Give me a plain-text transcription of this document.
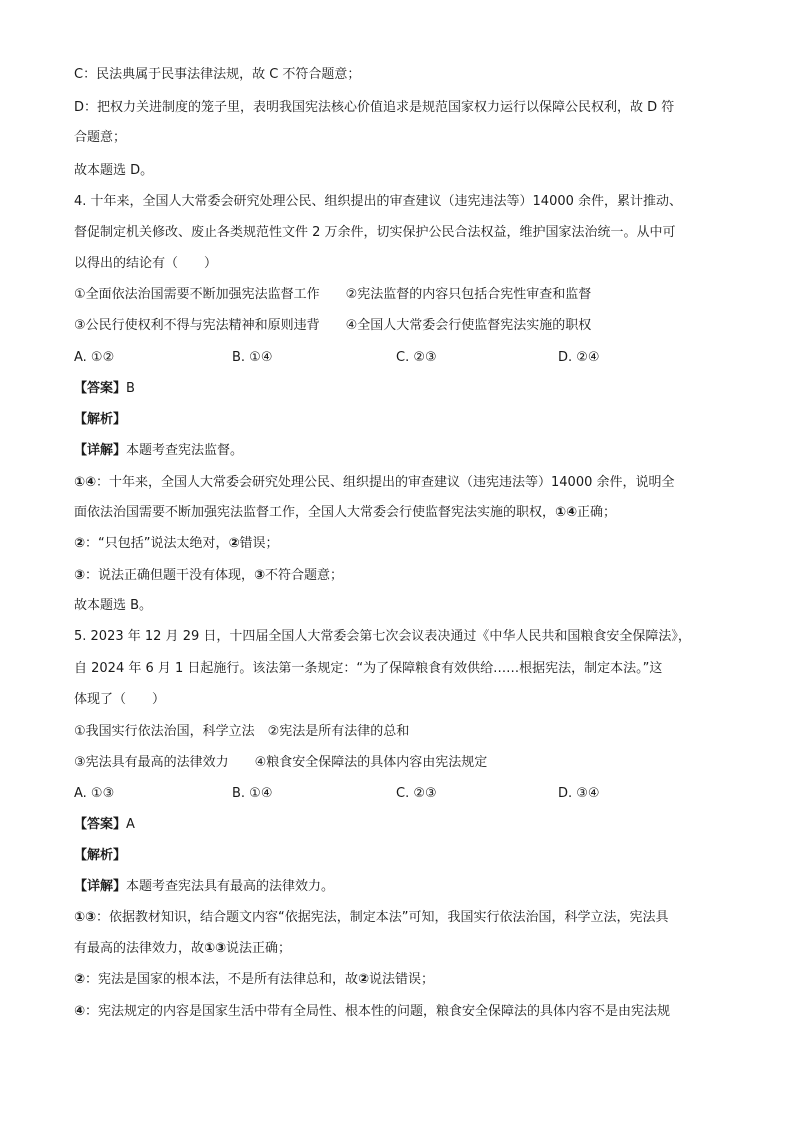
C：民法典属于民事法律法规，故 C 不符合题意；

D：把权力关进制度的笼子里，表明我国宪法核心价值追求是规范国家权力运行以保障公民权利，故 D 符

合题意；

故本题选 D。

4. 十年来，全国人大常委会研究处理公民、组织提出的审查建议（违宪违法等）14000 余件，累计推动、

督促制定机关修改、废止各类规范性文件 2 万余件，切实保护公民合法权益，维护国家法治统一。从中可

以得出的结论有（　　）

①全面依法治国需要不断加强宪法监督工作　　②宪法监督的内容只包括合宪性审查和监督

③公民行使权利不得与宪法精神和原则违背　　④全国人大常委会行使监督宪法实施的职权

A. ①②	B. ①④	C. ②③	D. ②④

【答案】B

【解析】

【详解】本题考查宪法监督。

①④：十年来，全国人大常委会研究处理公民、组织提出的审查建议（违宪违法等）14000 余件，说明全

面依法治国需要不断加强宪法监督工作，全国人大常委会行使监督宪法实施的职权，①④正确；

②：“只包括”说法太绝对，②错误；

③：说法正确但题干没有体现，③不符合题意；

故本题选 B。

5. 2023 年 12 月 29 日，十四届全国人大常委会第七次会议表决通过《中华人民共和国粮食安全保障法》，

自 2024 年 6 月 1 日起施行。该法第一条规定：“为了保障粮食有效供给……根据宪法，制定本法。”这

体现了（　　）

①我国实行依法治国，科学立法　②宪法是所有法律的总和

③宪法具有最高的法律效力　　④粮食安全保障法的具体内容由宪法规定

A. ①③	B. ①④	C. ②③	D. ③④

【答案】A

【解析】

【详解】本题考查宪法具有最高的法律效力。

①③：依据教材知识，结合题文内容“依据宪法，制定本法”可知，我国实行依法治国，科学立法，宪法具

有最高的法律效力，故①③说法正确；

②：宪法是国家的根本法，不是所有法律总和，故②说法错误；

④：宪法规定的内容是国家生活中带有全局性、根本性的问题，粮食安全保障法的具体内容不是由宪法规
